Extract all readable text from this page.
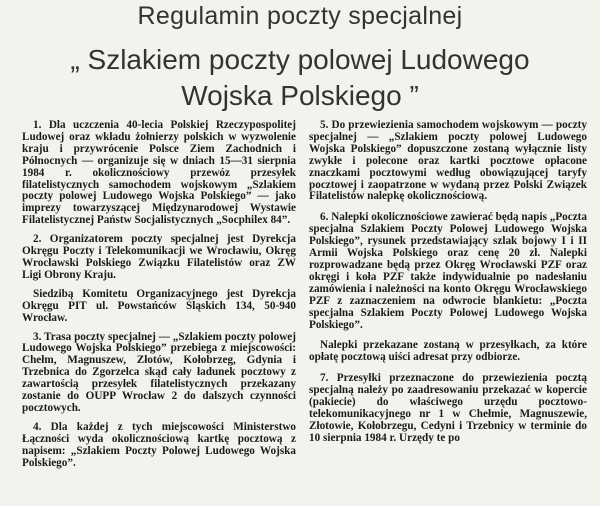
Regulamin poczty specjalnej
„ Szlakiem poczty polowej Ludowego
Wojska Polskiego ”

1. Dla uczczenia 40-lecia Polskiej Rzeczypospolitej Ludowej oraz wkładu żołnierzy polskich w wyzwolenie kraju i przywrócenie Polsce Ziem Zachodnich i Północnych — organizuje się w dniach 15—31 sierpnia 1984 r. okolicznościowy przewóz przesyłek filatelistycznych samochodem wojskowym „Szlakiem poczty polowej Ludowego Wojska Polskiego” — jako imprezy towarzyszącej Międzynarodowej Wystawie Filatelistycznej Państw Socjalistycznych „Socphilex 84”.

2. Organizatorem poczty specjalnej jest Dyrekcja Okręgu Poczty i Telekomunikacji we Wrocławiu, Okręg Wrocławski Polskiego Związku Filatelistów oraz ZW Ligi Obrony Kraju.

Siedzibą Komitetu Organizacyjnego jest Dyrekcja Okręgu PIT ul. Powstańców Śląskich 134, 50-940 Wrocław.

3. Trasa poczty specjalnej — „Szlakiem poczty polowej Ludowego Wojska Polskiego” przebiega z miejscowości: Chełm, Magnuszew, Złotów, Kołobrzeg, Gdynia i Trzebnica do Zgorzelca skąd cały ładunek pocztowy z zawartością przesyłek filatelistycznych przekazany zostanie do OUPP Wrocław 2 do dalszych czynności pocztowych.

4. Dla każdej z tych miejscowości Ministerstwo Łączności wyda okolicznościową kartkę pocztową z napisem: „Szlakiem Poczty Polowej Ludowego Wojska Polskiego”.

5. Do przewiezienia samochodem wojskowym — poczty specjalnej — „Szlakiem poczty polowej Ludowego Wojska Polskiego” dopuszczone zostaną wyłącznie listy zwykłe i polecone oraz kartki pocztowe opłacone znaczkami pocztowymi według obowiązującej taryfy pocztowej i zaopatrzone w wydaną przez Polski Związek Filatelistów nalepkę okolicznościową.

6. Nalepki okolicznościowe zawierać będą napis „Poczta specjalna Szlakiem Poczty Polowej Ludowego Wojska Polskiego”, rysunek przedstawiający szlak bojowy I i II Armii Wojska Polskiego oraz cenę 20 zł. Nalepki rozprowadzane będą przez Okręg Wrocławski PZF oraz okręgi i koła PZF także indywidualnie po nadesłaniu zamówienia i należności na konto Okręgu Wrocławskiego PZF z zaznaczeniem na odwrocie blankietu: „Poczta specjalna Szlakiem Poczty Polowej Ludowego Wojska Polskiego”.

Nalepki przekazane zostaną w przesyłkach, za które opłatę pocztową uiści adresat przy odbiorze.

7. Przesyłki przeznaczone do przewiezienia pocztą specjalną należy po zaadresowaniu przekazać w kopercie (pakiecie) do właściwego urzędu pocztowo-telekomunikacyjnego nr 1 w Chełmie, Magnuszewie, Złotowie, Kołobrzegu, Cedyni i Trzebnicy w terminie do 10 sierpnia 1984 r. Urzędy te po
